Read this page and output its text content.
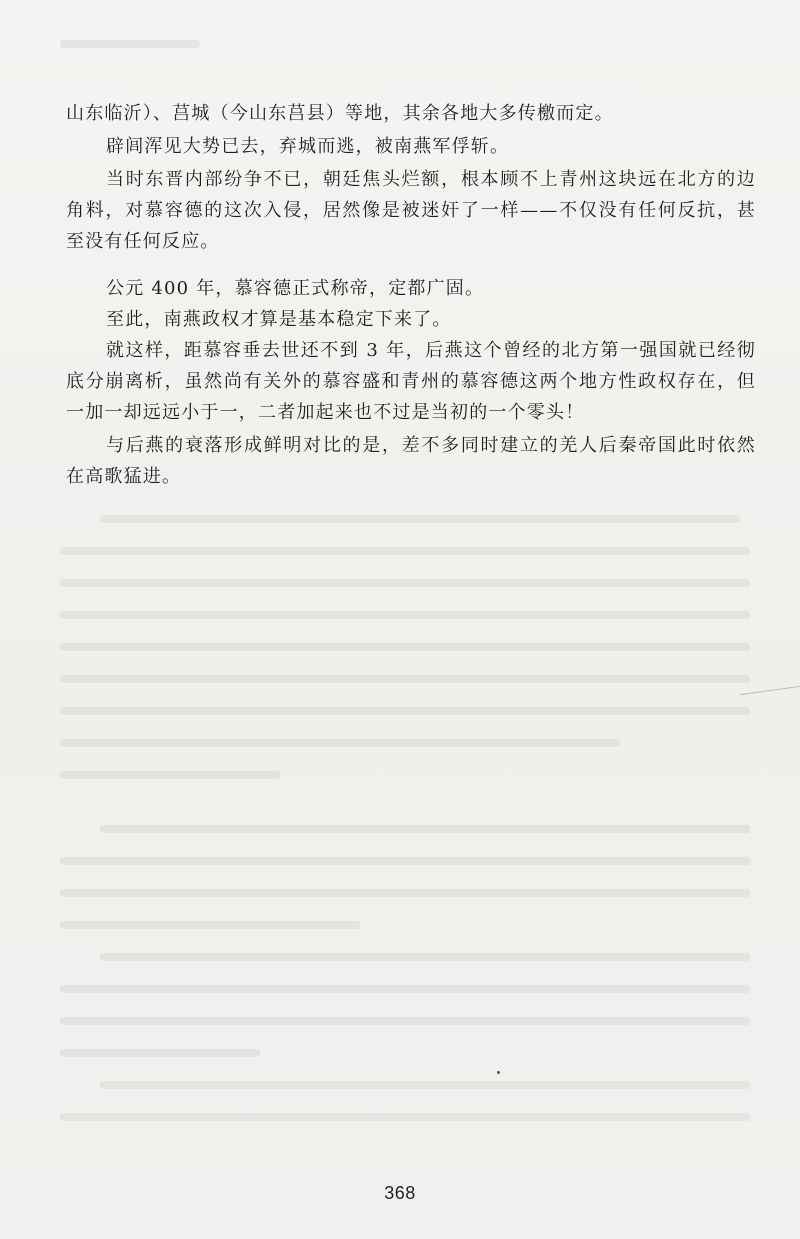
山东临沂）、莒城（今山东莒县）等地，其余各地大多传檄而定。

辟闾浑见大势已去，弃城而逃，被南燕军俘斩。

当时东晋内部纷争不已，朝廷焦头烂额，根本顾不上青州这块远在北方的边角料，对慕容德的这次入侵，居然像是被迷奸了一样——不仅没有任何反抗，甚至没有任何反应。

公元 400 年，慕容德正式称帝，定都广固。

至此，南燕政权才算是基本稳定下来了。

就这样，距慕容垂去世还不到 3 年，后燕这个曾经的北方第一强国就已经彻底分崩离析，虽然尚有关外的慕容盛和青州的慕容德这两个地方性政权存在，但一加一却远远小于一，二者加起来也不过是当初的一个零头！

与后燕的衰落形成鲜明对比的是，差不多同时建立的羌人后秦帝国此时依然在高歌猛进。

368
